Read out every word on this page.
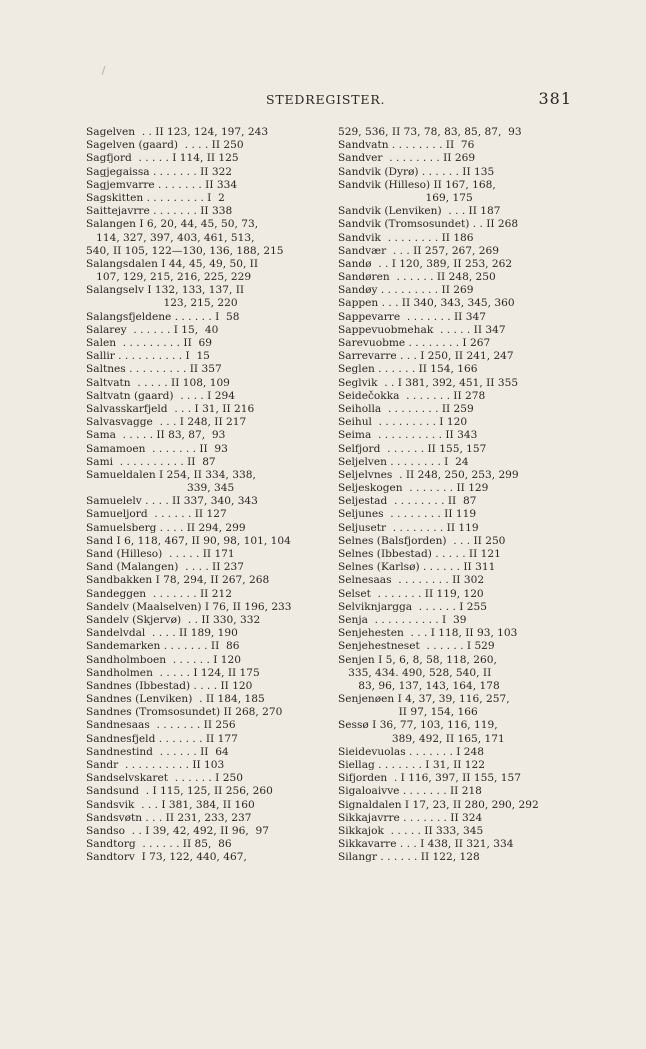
STEDREGISTER.	381
Sagelven  . . II 123, 124, 197, 243
Sagelven (gaard)  . . . . II 250
Sagfjord  . . . . . I 114, II 125
Sagjegaissa . . . . . . . II 322
Sagjemvarre . . . . . . . II 334
Sagskitten . . . . . . . . . I  2
Saittejavrre . . . . . . . II 338
Salangen I 6, 20, 44, 45, 50, 73,
114, 327, 397, 403, 461, 513,
540, II 105, 122—130, 136, 188, 215
Salangsdalen I 44, 45, 49, 50, II
107, 129, 215, 216, 225, 229
Salangselv I 132, 133, 137, II
123, 215, 220
Salangsfjeldene . . . . . . I  58
Salarey  . . . . . . I 15,  40
Salen  . . . . . . . . . II  69
Sallir . . . . . . . . . . I  15
Saltnes . . . . . . . . . II 357
Saltvatn  . . . . . II 108, 109
Saltvatn (gaard)  . . . . I 294
Salvasskarfjeld  . . . I 31, II 216
Salvasvagge  . . . I 248, II 217
Sama  . . . . . II 83, 87,  93
Samamoen  . . . . . . . II  93
Sami  . . . . . . . . . . II  87
Samueldalen I 254, II 334, 338,
339, 345
Samuelelv . . . . II 337, 340, 343
Samueljord  . . . . . . II 127
Samuelsberg . . . . II 294, 299
Sand I 6, 118, 467, II 90, 98, 101, 104
Sand (Hilleso)  . . . . . II 171
Sand (Malangen)  . . . . II 237
Sandbakken I 78, 294, II 267, 268
Sandeggen  . . . . . . . II 212
Sandelv (Maalselven) I 76, II 196, 233
Sandelv (Skjervø)  . . II 330, 332
Sandelvdal  . . . . II 189, 190
Sandemarken . . . . . . . II  86
Sandholmboen  . . . . . . I 120
Sandholmen  . . . . . I 124, II 175
Sandnes (Ibbestad) . . . . II 120
Sandnes (Lenviken)  . II 184, 185
Sandnes (Tromsosundet) II 268, 270
Sandnesaas  . . . . . . . II 256
Sandnesfjeld . . . . . . . II 177
Sandnestind  . . . . . . II  64
Sandr  . . . . . . . . . . II 103
Sandselvskaret  . . . . . . I 250
Sandsund  . I 115, 125, II 256, 260
Sandsvik  . . . I 381, 384, II 160
Sandsvøtn . . . II 231, 233, 237
Sandso  . . I 39, 42, 492, II 96,  97
Sandtorg  . . . . . . II 85,  86
Sandtorv  I 73, 122, 440, 467,
529, 536, II 73, 78, 83, 85, 87,  93
Sandvatn . . . . . . . . II  76
Sandver  . . . . . . . . II 269
Sandvik (Dyrø) . . . . . . II 135
Sandvik (Hilleso) II 167, 168,
169, 175
Sandvik (Lenviken)  . . . II 187
Sandvik (Tromsosundet) . . II 268
Sandvik  . . . . . . . . II 186
Sandvær  . . . II 257, 267, 269
Sandø  . . I 120, 389, II 253, 262
Sandøren  . . . . . . II 248, 250
Sandøy . . . . . . . . . II 269
Sappen . . . II 340, 343, 345, 360
Sappevarre  . . . . . . . II 347
Sappevuobmehak  . . . . . II 347
Sarevuobme . . . . . . . . I 267
Sarrevarre . . . I 250, II 241, 247
Seglen . . . . . . II 154, 166
Seglvik  . . I 381, 392, 451, II 355
Seidečokka  . . . . . . . II 278
Seiholla  . . . . . . . . II 259
Seihul  . . . . . . . . . I 120
Seima  . . . . . . . . . . II 343
Selfjord  . . . . . . II 155, 157
Seljelven . . . . . . . . I  24
Seljelvnes  . II 248, 250, 253, 299
Seljeskogen  . . . . . . . II 129
Seljestad  . . . . . . . . II  87
Seljunes  . . . . . . . . II 119
Seljusetr  . . . . . . . . II 119
Selnes (Balsfjorden)  . . . II 250
Selnes (Ibbestad) . . . . . II 121
Selnes (Karlsø) . . . . . . II 311
Selnesaas  . . . . . . . . II 302
Selset  . . . . . . . II 119, 120
Selviknjargga  . . . . . . I 255
Senja  . . . . . . . . . . I  39
Senjehesten  . . . I 118, II 93, 103
Senjehestneset  . . . . . . I 529
Senjen I 5, 6, 8, 58, 118, 260,
335, 434. 490, 528, 540, II
83, 96, 137, 143, 164, 178
Senjenøen I 4, 37, 39, 116, 257,
II 97, 154, 166
Sessø I 36, 77, 103, 116, 119,
389, 492, II 165, 171
Sieidevuolas . . . . . . . I 248
Siellag . . . . . . . I 31, II 122
Sifjorden  . I 116, 397, II 155, 157
Sigaloaivve . . . . . . . II 218
Signaldalen I 17, 23, II 280, 290, 292
Sikkajavrre . . . . . . . II 324
Sikkajok  . . . . . II 333, 345
Sikkavarre . . . I 438, II 321, 334
Silangr . . . . . . II 122, 128
